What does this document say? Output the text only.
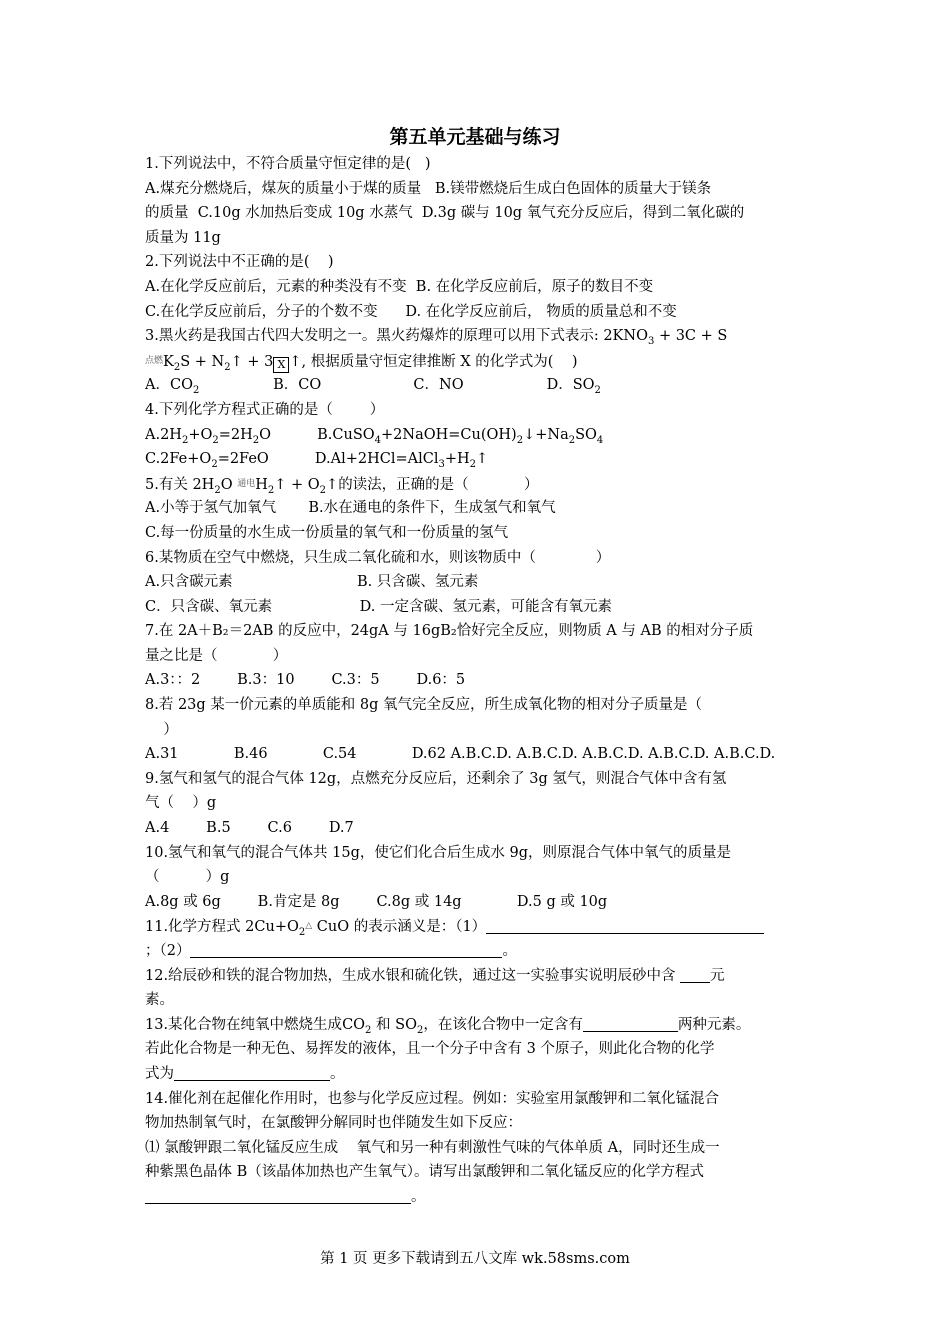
第五单元基础与练习
1.下列说法中，不符合质量守恒定律的是(   )
A.煤充分燃烧后，煤灰的质量小于煤的质量   B.镁带燃烧后生成白色固体的质量大于镁条
的质量  C.10g 水加热后变成 10g 水蒸气  D.3g 碳与 10g 氧气充分反应后，得到二氧化碳的
质量为 11g
2.下列说法中不正确的是(    )
A.在化学反应前后，元素的种类没有不变  B. 在化学反应前后，原子的数目不变
C.在化学反应前后，分子的个数不变      D. 在化学反应前后， 物质的质量总和不变
3.黑火药是我国古代四大发明之一。黑火药爆炸的原理可以用下式表示: $2KNO_3 + 3C + S$
$^{点燃}K_2S$ + $N_2↑ + 3$ X ↑, 根据质量守恒定律推断 X 的化学式为(    )
A．$CO_2$	B．CO	C．NO	D．$SO_2$
4.下列化学方程式正确的是（        ）
$A.2H_2+O_2=2H_2O$          $B.CuSO_4+2NaOH=Cu(OH)_2↓+Na_2SO_4$
$C.2Fe+O_2=2FeO$          $D.Al+2HCl=AlCl_3+H_2↑$
5.有关 $2H_2O$ $^{通电}H_2↑$ + $O_2↑$的读法，正确的是（            ）
A.小等于氢气加氧气       B.水在通电的条件下，生成氢气和氧气
C.每一份质量的水生成一份质量的氧气和一份质量的氢气
6.某物质在空气中燃烧，只生成二氧化硫和水，则该物质中（             ）
A.只含碳元素                           B. 只含碳、氢元素
C．只含碳、氧元素                   D. 一定含碳、氢元素，可能含有氧元素
7.在 2A＋B₂＝2AB 的反应中，24gA 与 16gB₂恰好完全反应，则物质 A 与 AB 的相对分子质
量之比是（            ）
A.3：：2        B.3：10        C.3：5        D.6：5
8.若 23g 某一价元素的单质能和 8g 氧气完全反应，所生成氧化物的相对分子质量是（
）
A.31            B.46            C.54            D.62 A.B.C.D. A.B.C.D. A.B.C.D. A.B.C.D. A.B.C.D.
9.氢气和氢气的混合气体 12g，点燃充分反应后，还剩余了 3g 氢气，则混合气体中含有氢
气（    ）g
A.4        B.5        C.6        D.7
10.氢气和氧气的混合气体共 15g，使它们化合后生成水 9g，则原混合气体中氧气的质量是
（          ）g
A.8g 或 6g        B.肯定是 8g        C.8g 或 14g            D.5 g 或 10g
11.化学方程式 $2Cu+O_2^\triangle$ CuO 的表示涵义是：（1）
；（2）	。
12.给辰砂和铁的混合物加热，生成水银和硫化铁，通过这一实验事实说明辰砂中含 元
素。
13.某化合物在纯氧中燃烧生成$CO_2$ 和 $SO_2$，在该化合物中一定含有	两种元素。
若此化合物是一种无色、易挥发的液体，且一个分子中含有 3 个原子，则此化合物的化学
式为	。
14.催化剂在起催化作用时，也参与化学反应过程。例如：实验室用氯酸钾和二氧化锰混合
物加热制氧气时，在氯酸钾分解同时也伴随发生如下反应：
⑴ 氯酸钾跟二氧化锰反应生成    氧气和另一种有刺激性气味的气体单质 A，同时还生成一
种紫黑色晶体 B（该晶体加热也产生氧气）。请写出氯酸钾和二氧化锰反应的化学方程式
。
第 1 页 更多下载请到五八文库 wk.58sms.com
